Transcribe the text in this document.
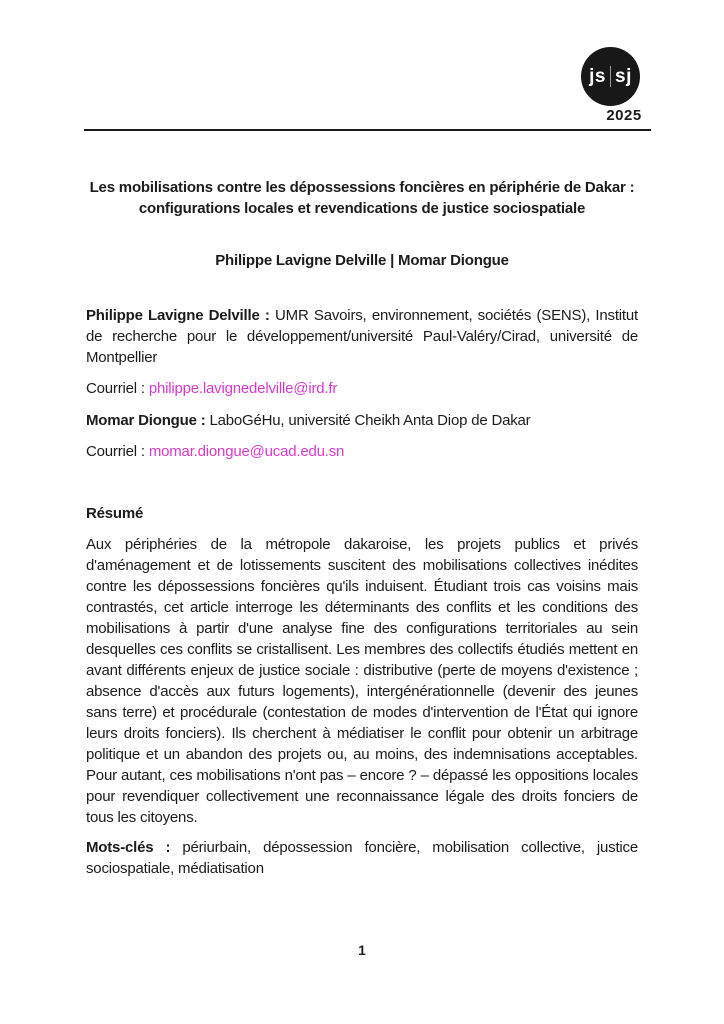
js sj
2025
Les mobilisations contre les dépossessions foncières en périphérie de Dakar :
configurations locales et revendications de justice sociospatiale

Philippe Lavigne Delville | Momar Diongue

Philippe Lavigne Delville : UMR Savoirs, environnement, sociétés (SENS), Institut de recherche pour le développement/université Paul-Valéry/Cirad, université de Montpellier

Courriel : philippe.lavignedelville@ird.fr

Momar Diongue : LaboGéHu, université Cheikh Anta Diop de Dakar

Courriel : momar.diongue@ucad.edu.sn

Résumé

Aux périphéries de la métropole dakaroise, les projets publics et privés d'aménagement et de lotissements suscitent des mobilisations collectives inédites contre les dépossessions foncières qu'ils induisent. Étudiant trois cas voisins mais contrastés, cet article interroge les déterminants des conflits et les conditions des mobilisations à partir d'une analyse fine des configurations territoriales au sein desquelles ces conflits se cristallisent. Les membres des collectifs étudiés mettent en avant différents enjeux de justice sociale : distributive (perte de moyens d'existence ; absence d'accès aux futurs logements), intergénérationnelle (devenir des jeunes sans terre) et procédurale (contestation de modes d'intervention de l'État qui ignore leurs droits fonciers). Ils cherchent à médiatiser le conflit pour obtenir un arbitrage politique et un abandon des projets ou, au moins, des indemnisations acceptables. Pour autant, ces mobilisations n'ont pas – encore ? – dépassé les oppositions locales pour revendiquer collectivement une reconnaissance légale des droits fonciers de tous les citoyens.

Mots-clés : périurbain, dépossession foncière, mobilisation collective, justice sociospatiale, médiatisation

1
